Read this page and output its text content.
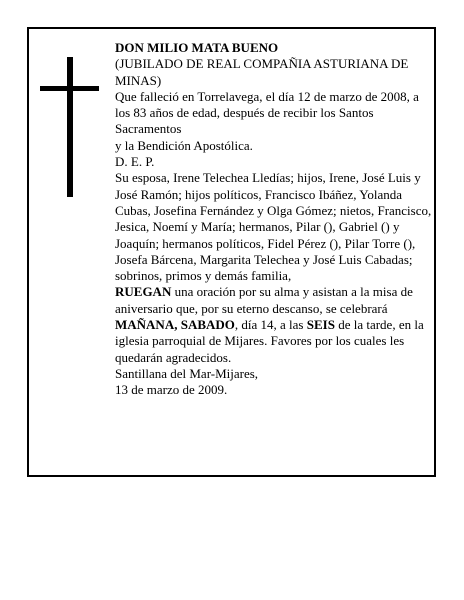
DON MILIO MATA BUENO
(JUBILADO DE REAL COMPAÑIA ASTURIANA DE MINAS)
Que falleció en Torrelavega, el día 12 de marzo de 2008, a los 83 años de edad, después de recibir los Santos Sacramentos
y la Bendición Apostólica.
D. E. P.
Su esposa, Irene Telechea Lledías; hijos, Irene, José Luis y José Ramón; hijos políticos, Francisco Ibáñez, Yolanda Cubas, Josefina Fernández y Olga Gómez; nietos, Francisco, Jesica, Noemí y María; hermanos, Pilar (), Gabriel () y Joaquín; hermanos políticos, Fidel Pérez (), Pilar Torre (), Josefa Bárcena, Margarita Telechea y José Luis Cabadas; sobrinos, primos y demás familia,
RUEGAN una oración por su alma y asistan a la misa de aniversario que, por su eterno descanso, se celebrará MAÑANA, SABADO, día 14, a las SEIS de la tarde, en la iglesia parroquial de Mijares. Favores por los cuales les quedarán agradecidos.
Santillana del Mar-Mijares,
13 de marzo de 2009.
